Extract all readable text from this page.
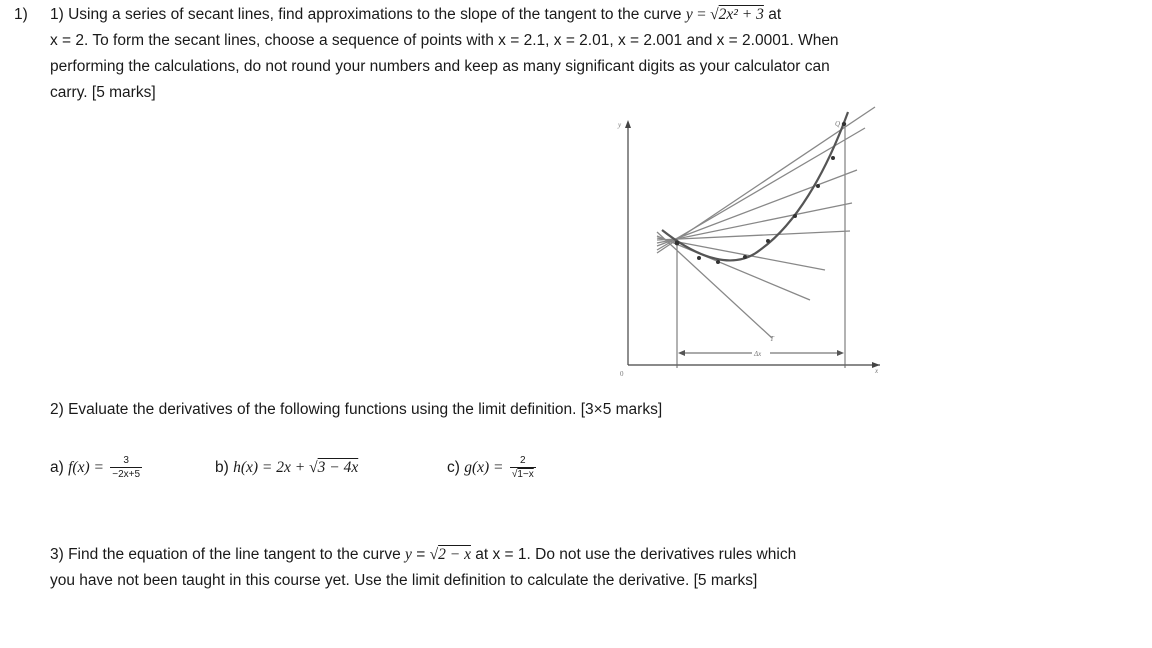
1) 1) Using a series of secant lines, find approximations to the slope of the tangent to the curve y = √2x² + 3 at
x = 2. To form the secant lines, choose a sequence of points with x = 2.1, x = 2.01, x = 2.001 and x = 2.0001. When
performing the calculations, do not round your numbers and keep as many significant digits as your calculator can
carry. [5 marks]
y
0	x
Δx
Q
T
2) Evaluate the derivatives of the following functions using the limit definition. [3×5 marks]
a) $f(x) = \frac{3}{-2x+5}$	b) h(x) = 2x + √3 − 4x	c) $g(x) = \frac{2}{√1-x}$
3) Find the equation of the line tangent to the curve y = √2 − x at x = 1. Do not use the derivatives rules which
you have not been taught in this course yet. Use the limit definition to calculate the derivative. [5 marks]
